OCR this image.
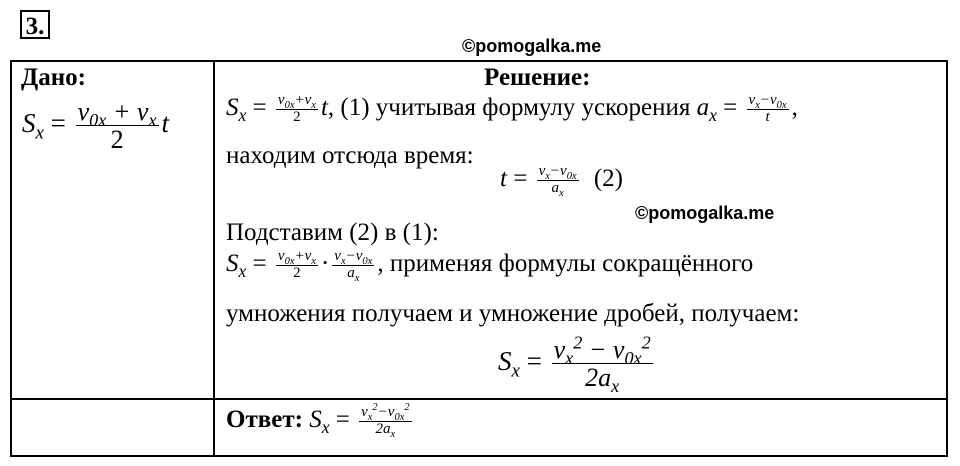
3.
©pomogalka.me
©pomogalka.me
Дано:
$S_x = \frac{v_{0x} + v_x}{2}$ t
Решение:
$S_x = \frac{v_{0x}+v_x}{2} t$, (1) учитывая формулу ускорения $a_x = \frac{v_x-v_{0x}}{t}$ ,
находим отсюда время:
$t = \frac{v_x-v_{0x}}{a_x} (2)$
Подставим (2) в (1):
$S_x = \frac{v_{0x}+v_x}{2} \cdot \frac{v_x-v_{0x}}{a_x}$ , применяя формулы сокращённого
умножения получаем и умножение дробей, получаем:
$S_x = \frac{v_x^2 - v_{0x}^2}{2a_x}$
Ответ: $S_x = \frac{v_x^2-v_{0x}^2}{2a_x}$
